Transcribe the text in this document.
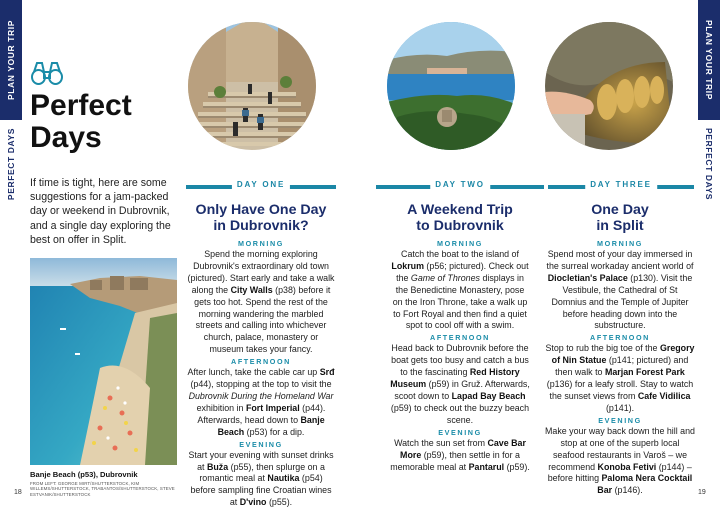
PLAN YOUR TRIP
PERFECT DAYS
PLAN YOUR TRIP
PERFECT DAYS
Perfect
Days

If time is tight, here are some suggestions for a jam-packed day or weekend in Dubrovnik, and a single day exploring the best on offer in Split.

Banje Beach (p53), Dubrovnik
FROM LEFT: GEORGE MIRT/SHUTTERSTOCK, KIM WILLEMS/SHUTTERSTOCK, TRABANTOS/SHUTTERSTOCK, STEVE ESTVANIK/SHUTTERSTOCK
18	19
DAY ONE	DAY TWO	DAY THREE
Only Have One Day
in Dubrovnik?
MORNING

Spend the morning exploring Dubrovnik's extraordinary old town (pictured). Start early and take a walk along the City Walls (p38) before it gets too hot. Spend the rest of the morning wandering the marbled streets and calling into whichever church, palace, monastery or museum takes your fancy.

AFTERNOON

After lunch, take the cable car up Srđ (p44), stopping at the top to visit the Dubrovnik During the Homeland War exhibition in Fort Imperial (p44). Afterwards, head down to Banje Beach (p53) for a dip.

EVENING

Start your evening with sunset drinks at Buža (p55), then splurge on a romantic meal at Nautika (p54) before sampling fine Croatian wines at D'vino (p55).

A Weekend Trip
to Dubrovnik
MORNING

Catch the boat to the island of Lokrum (p56; pictured). Check out the Game of Thrones displays in the Benedictine Monastery, pose on the Iron Throne, take a walk up to Fort Royal and then find a quiet spot to cool off with a swim.

AFTERNOON

Head back to Dubrovnik before the boat gets too busy and catch a bus to the fascinating Red History Museum (p59) in Gruž. Afterwards, scoot down to Lapad Bay Beach (p59) to check out the buzzy beach scene.

EVENING

Watch the sun set from Cave Bar More (p59), then settle in for a memorable meal at Pantarul (p59).

One Day
in Split
MORNING

Spend most of your day immersed in the surreal workaday ancient world of Diocletian's Palace (p130). Visit the Vestibule, the Cathedral of St Domnius and the Temple of Jupiter before heading down into the substructure.

AFTERNOON

Stop to rub the big toe of the Gregory of Nin Statue (p141; pictured) and then walk to Marjan Forest Park (p136) for a leafy stroll. Stay to watch the sunset views from Cafe Vidilica (p141).

EVENING

Make your way back down the hill and stop at one of the superb local seafood restaurants in Varoš – we recommend Konoba Fetivi (p144) – before hitting Paloma Nera Cocktail Bar (p146).
